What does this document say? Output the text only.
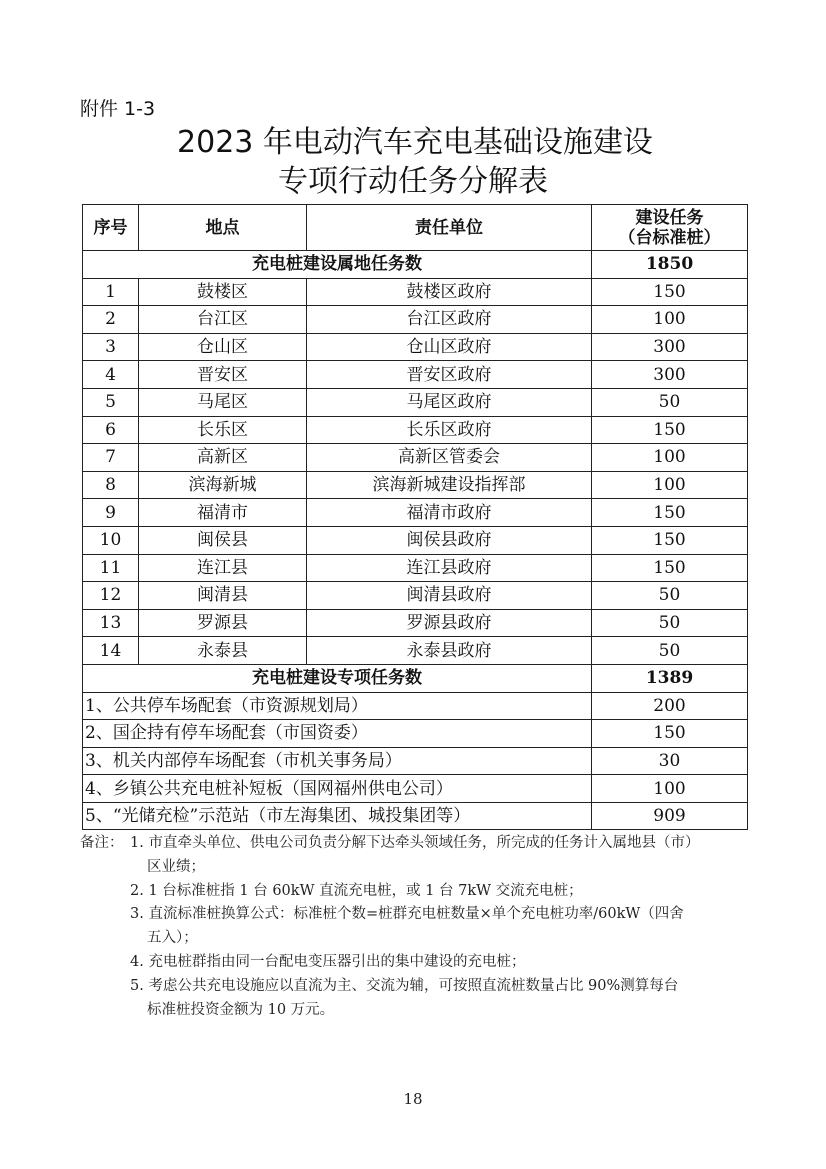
附件 1-3
2023 年电动汽车充电基础设施建设
专项行动任务分解表
序号	地点	责任单位	建设任务
（台标准桩）

充电桩建设属地任务数			1850
1	鼓楼区	鼓楼区政府	150
2	台江区	台江区政府	100
3	仓山区	仓山区政府	300
4	晋安区	晋安区政府	300
5	马尾区	马尾区政府	50
6	长乐区	长乐区政府	150
7	高新区	高新区管委会	100
8	滨海新城	滨海新城建设指挥部	100
9	福清市	福清市政府	150
10	闽侯县	闽侯县政府	150
11	连江县	连江县政府	150
12	闽清县	闽清县政府	50
13	罗源县	罗源县政府	50
14	永泰县	永泰县政府	50
充电桩建设专项任务数			1389
1、公共停车场配套（市资源规划局）			200
2、国企持有停车场配套（市国资委）			150
3、机关内部停车场配套（市机关事务局）			30
4、乡镇公共充电桩补短板（国网福州供电公司）			100
5、“光储充检”示范站（市左海集团、城投集团等）			909
备注： 1. 市直牵头单位、供电公司负责分解下达牵头领域任务，所完成的任务计入属地县（市）
区业绩；
2. 1 台标准桩指 1 台 60kW 直流充电桩，或 1 台 7kW 交流充电桩；
3. 直流标准桩换算公式：标准桩个数=桩群充电桩数量×单个充电桩功率/60kW（四舍
五入）；
4. 充电桩群指由同一台配电变压器引出的集中建设的充电桩；
5. 考虑公共充电设施应以直流为主、交流为辅，可按照直流桩数量占比 90%测算每台
标准桩投资金额为 10 万元。
18
